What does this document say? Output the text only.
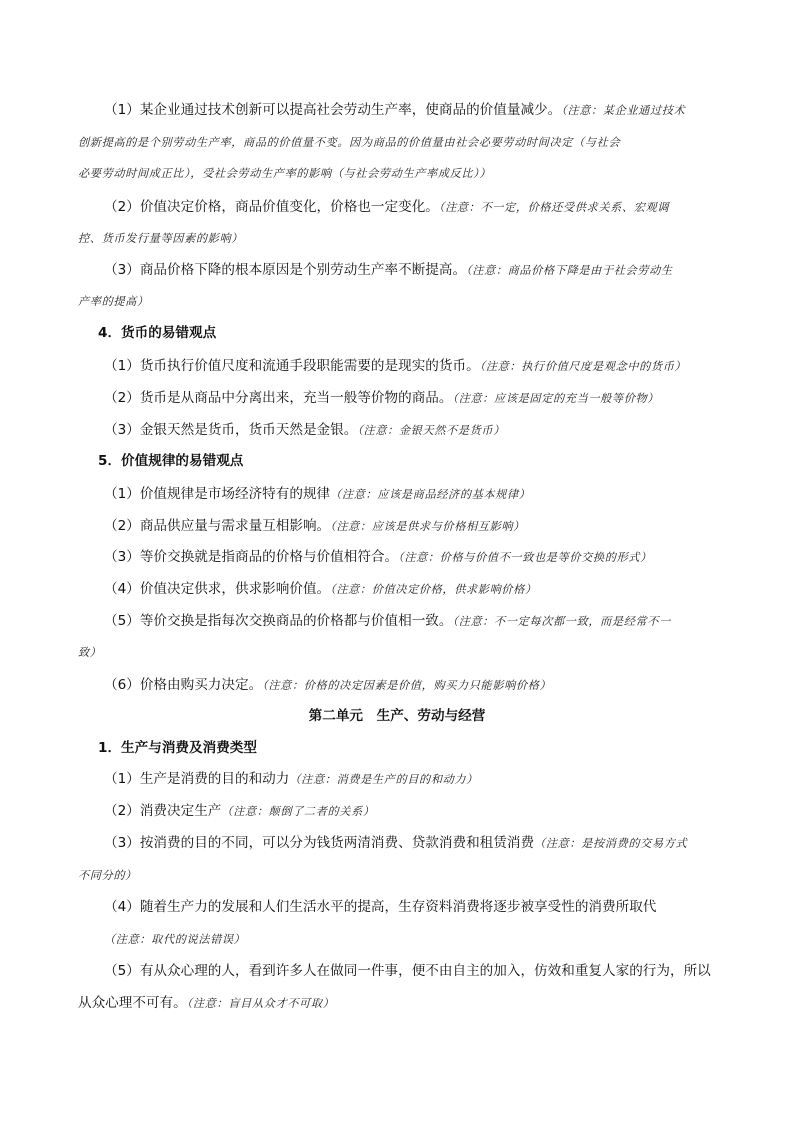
（1）某企业通过技术创新可以提高社会劳动生产率，使商品的价值量减少。（注意：某企业通过技术
创新提高的是个别劳动生产率，商品的价值量不变。因为商品的价值量由社会必要劳动时间决定（与社会
必要劳动时间成正比），受社会劳动生产率的影响（与社会劳动生产率成反比））
（2）价值决定价格，商品价值变化，价格也一定变化。（注意：不一定，价格还受供求关系、宏观调
控、货币发行量等因素的影响）
（3）商品价格下降的根本原因是个别劳动生产率不断提高。（注意：商品价格下降是由于社会劳动生
产率的提高）
4．货币的易错观点
（1）货币执行价值尺度和流通手段职能需要的是现实的货币。（注意：执行价值尺度是观念中的货币）
（2）货币是从商品中分离出来，充当一般等价物的商品。（注意：应该是固定的充当一般等价物）
（3）金银天然是货币，货币天然是金银。（注意：金银天然不是货币）
5．价值规律的易错观点
（1）价值规律是市场经济特有的规律（注意：应该是商品经济的基本规律）
（2）商品供应量与需求量互相影响。（注意：应该是供求与价格相互影响）
（3）等价交换就是指商品的价格与价值相符合。（注意：价格与价值不一致也是等价交换的形式）
（4）价值决定供求，供求影响价值。（注意：价值决定价格，供求影响价格）
（5）等价交换是指每次交换商品的价格都与价值相一致。（注意：不一定每次都一致，而是经常不一
致）
（6）价格由购买力决定。（注意：价格的决定因素是价值，购买力只能影响价格）
第二单元　生产、劳动与经营
1．生产与消费及消费类型
（1）生产是消费的目的和动力（注意：消费是生产的目的和动力）
（2）消费决定生产（注意：颠倒了二者的关系）
（3）按消费的目的不同，可以分为钱货两清消费、贷款消费和租赁消费（注意：是按消费的交易方式
不同分的）
（4）随着生产力的发展和人们生活水平的提高，生存资料消费将逐步被享受性的消费所取代
（注意：取代的说法错误）
（5）有从众心理的人，看到许多人在做同一件事，便不由自主的加入，仿效和重复人家的行为，所以
从众心理不可有。（注意：盲目从众才不可取）
